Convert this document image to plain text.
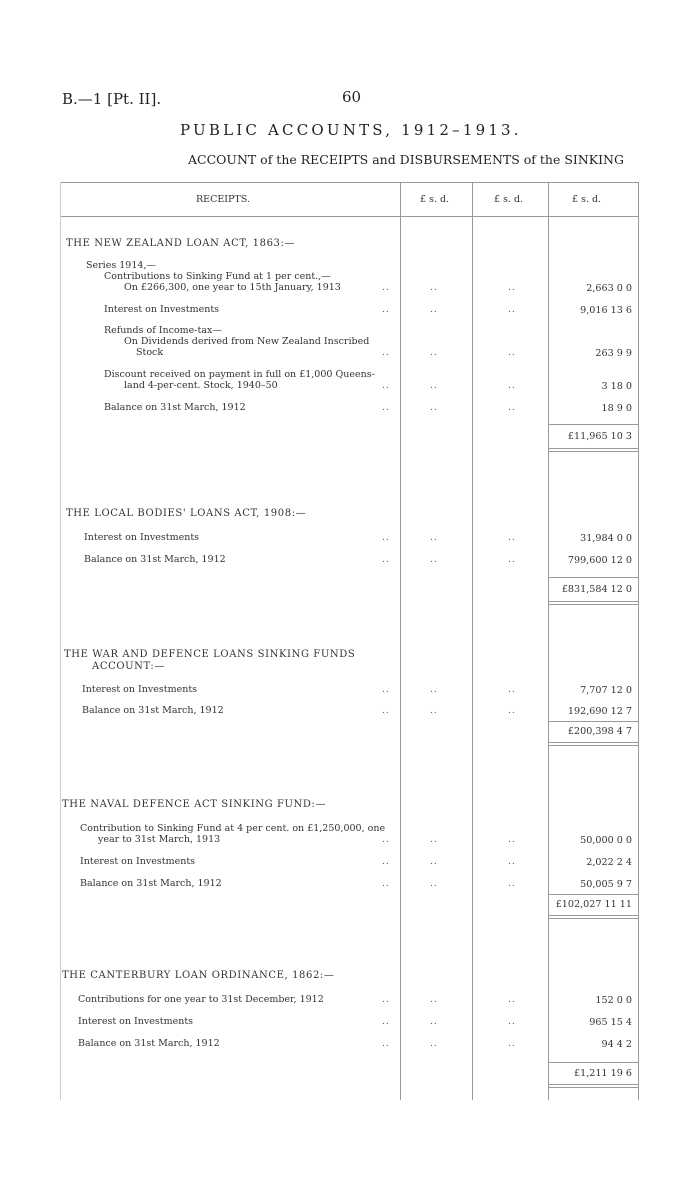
B.—1 [Pt. II].	60
PUBLIC ACCOUNTS, 1912–1913.
ACCOUNT of the RECEIPTS and DISBURSEMENTS of the SINKING
RECEIPTS.	£ s. d.	£ s. d.	£ s. d.
THE NEW ZEALAND LOAN ACT, 1863:—
Series 1914,—
Contributions to Sinking Fund at 1 per cent.,—
On £266,300, one year to 15th January, 1913	..	..	..	2,663 0 0
Interest on Investments	..	..	..	9,016 13 6
Refunds of Income-tax—
On Dividends derived from New Zealand Inscribed
Stock	..	..	..	263 9 9
Discount received on payment in full on £1,000 Queens-
land 4-per-cent. Stock, 1940–50	..	..	..	3 18 0
Balance on 31st March, 1912	..	..	..	18 9 0
£11,965 10 3
THE LOCAL BODIES' LOANS ACT, 1908:—
Interest on Investments	..	..	..	31,984 0 0
Balance on 31st March, 1912	..	..	..	799,600 12 0
£831,584 12 0
THE WAR AND DEFENCE LOANS SINKING FUNDS
ACCOUNT:—
Interest on Investments	..	..	..	7,707 12 0
Balance on 31st March, 1912	..	..	..	192,690 12 7
£200,398 4 7
THE NAVAL DEFENCE ACT SINKING FUND:—
Contribution to Sinking Fund at 4 per cent. on £1,250,000, one
year to 31st March, 1913	..	..	..	50,000 0 0
Interest on Investments	..	..	..	2,022 2 4
Balance on 31st March, 1912	..	..	..	50,005 9 7
£102,027 11 11
THE CANTERBURY LOAN ORDINANCE, 1862:—
Contributions for one year to 31st December, 1912	..	..	..	152 0 0
Interest on Investments	..	..	..	965 15 4
Balance on 31st March, 1912	..	..	..	94 4 2
£1,211 19 6
